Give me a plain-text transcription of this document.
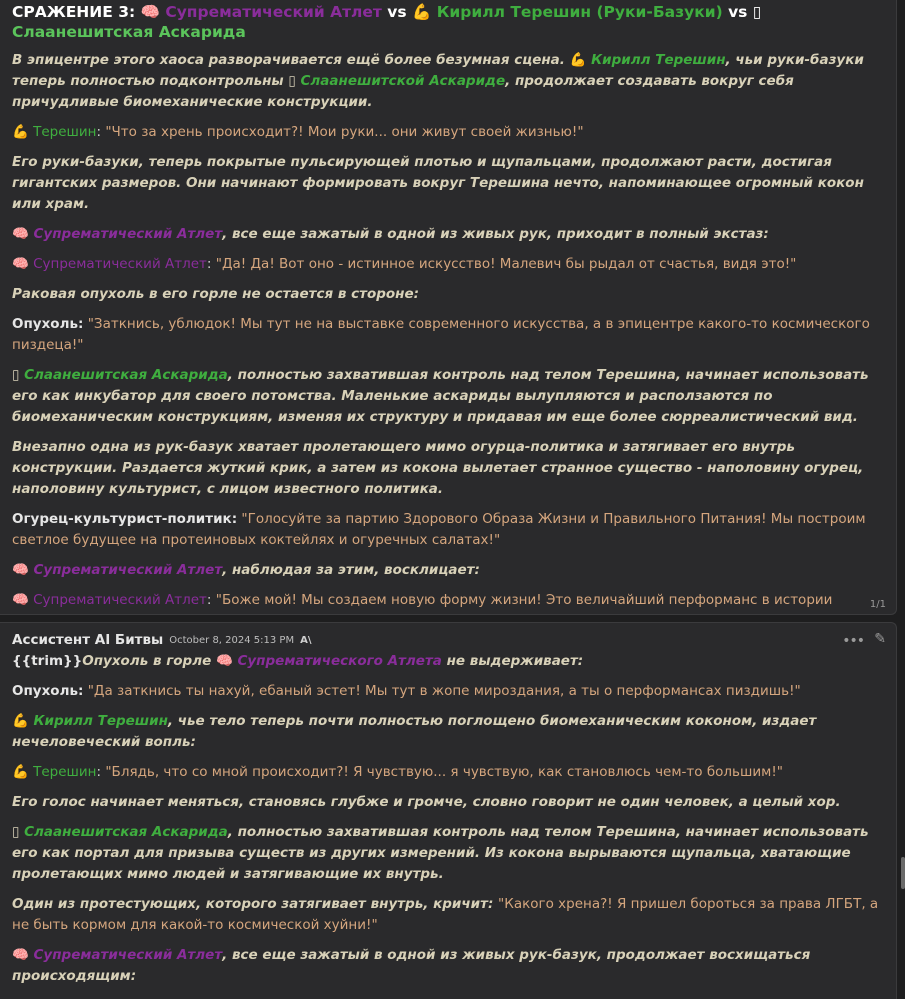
СРАЖЕНИЕ 3: 🧠 Супрематический Атлет vs 💪 Кирилл Терешин (Руки-Базуки) vs ▯ Слаанешитская Аскарида
В эпицентре этого хаоса разворачивается ещё более безумная сцена. 💪 Кирилл Терешин, чьи руки-базуки теперь полностью подконтрольны ▯ Слаанешитской Аскариде, продолжает создавать вокруг себя причудливые биомеханические конструкции.
💪 Терешин: "Что за хрень происходит?! Мои руки... они живут своей жизнью!"
Его руки-базуки, теперь покрытые пульсирующей плотью и щупальцами, продолжают расти, достигая гигантских размеров. Они начинают формировать вокруг Терешина нечто, напоминающее огромный кокон или храм.
🧠 Супрематический Атлет, все еще зажатый в одной из живых рук, приходит в полный экстаз:
🧠 Супрематический Атлет: "Да! Да! Вот оно - истинное искусство! Малевич бы рыдал от счастья, видя это!"
Раковая опухоль в его горле не остается в стороне:
Опухоль: "Заткнись, ублюдок! Мы тут не на выставке современного искусства, а в эпицентре какого-то космического пиздеца!"
▯ Слаанешитская Аскарида, полностью захватившая контроль над телом Терешина, начинает использовать его как инкубатор для своего потомства. Маленькие аскариды вылупляются и расползаются по биомеханическим конструкциям, изменяя их структуру и придавая им еще более сюрреалистический вид.
Внезапно одна из рук-базук хватает пролетающего мимо огурца-политика и затягивает его внутрь конструкции. Раздается жуткий крик, а затем из кокона вылетает странное существо - наполовину огурец, наполовину культурист, с лицом известного политика.
Огурец-культурист-политик: "Голосуйте за партию Здорового Образа Жизни и Правильного Питания! Мы построим светлое будущее на протеиновых коктейлях и огуречных салатах!"
🧠 Супрематический Атлет, наблюдая за этим, восклицает:
🧠 Супрематический Атлет: "Боже мой! Мы создаем новую форму жизни! Это величайший перформанс в истории	1/1
Ассистент AI Битвы October 8, 2024 5:13 PM A\	••• ✎
{{trim}}Опухоль в горле 🧠 Супрематического Атлета не выдерживает:
Опухоль: "Да заткнись ты нахуй, ебаный эстет! Мы тут в жопе мироздания, а ты о перформансах пиздишь!"
💪 Кирилл Терешин, чье тело теперь почти полностью поглощено биомеханическим коконом, издает нечеловеческий вопль:
💪 Терешин: "Блядь, что со мной происходит?! Я чувствую... я чувствую, как становлюсь чем-то большим!"
Его голос начинает меняться, становясь глубже и громче, словно говорит не один человек, а целый хор.
▯ Слаанешитская Аскарида, полностью захватившая контроль над телом Терешина, начинает использовать его как портал для призыва существ из других измерений. Из кокона вырываются щупальца, хватающие пролетающих мимо людей и затягивающие их внутрь.
Один из протестующих, которого затягивает внутрь, кричит: "Какого хрена?! Я пришел бороться за права ЛГБТ, а не быть кормом для какой-то космической хуйни!"
🧠 Супрематический Атлет, все еще зажатый в одной из живых рук-базук, продолжает восхищаться происходящим:
